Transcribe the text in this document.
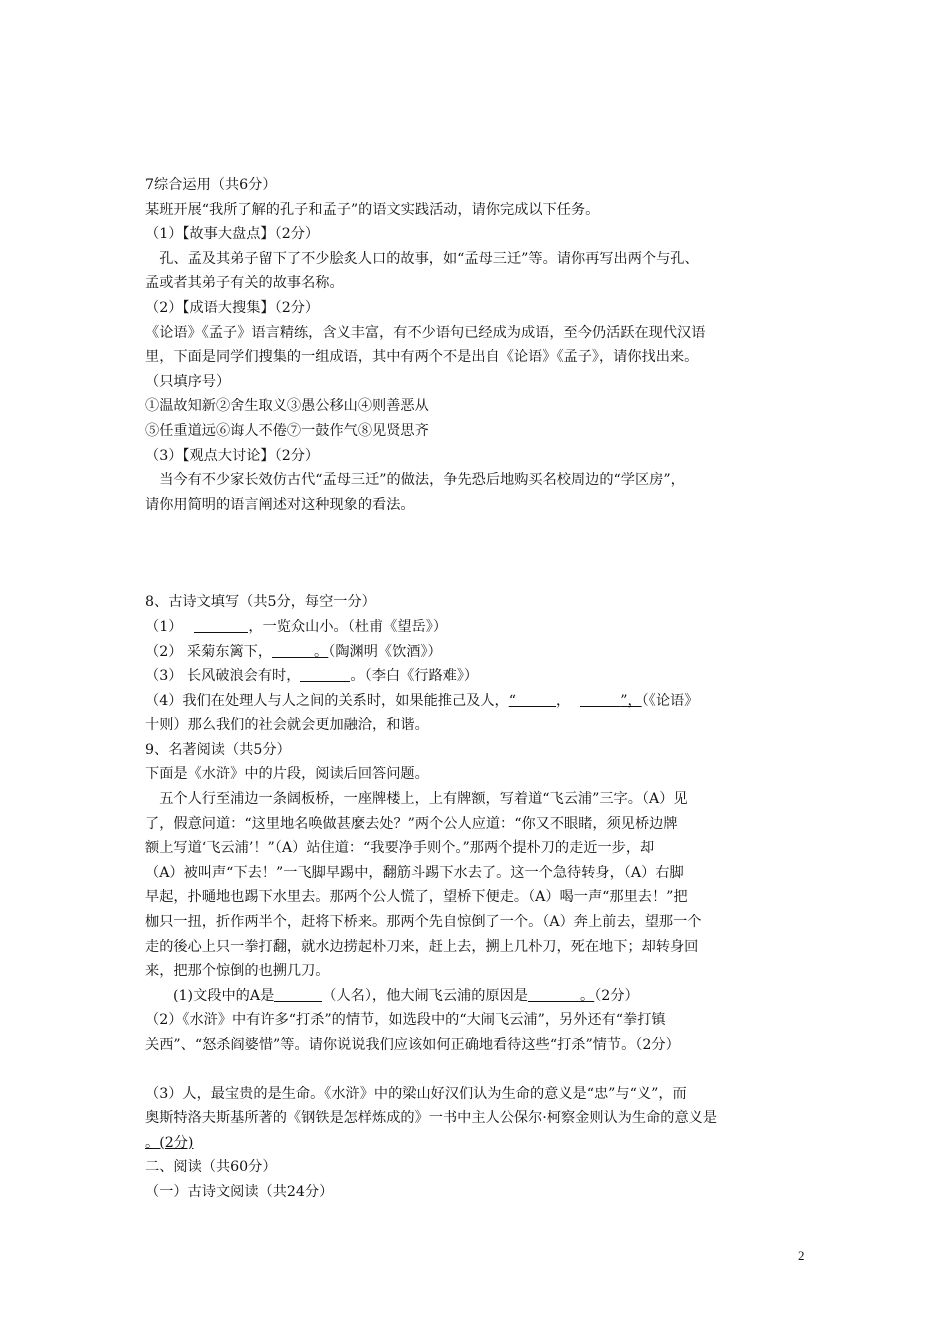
7综合运用（共6分）
某班开展“我所了解的孔子和孟子”的语文实践活动，请你完成以下任务。
（1）【故事大盘点】（2分）
　孔、孟及其弟子留下了不少脍炙人口的故事，如“孟母三迁”等。请你再写出两个与孔、
孟或者其弟子有关的故事名称。
（2）【成语大搜集】（2分）
《论语》《孟子》语言精练，含义丰富，有不少语句已经成为成语，至今仍活跃在现代汉语
里，下面是同学们搜集的一组成语，其中有两个不是出自《论语》《孟子》，请你找出来。
（只填序号）
①温故知新②舍生取义③愚公移山④则善恶从
⑤任重道远⑥诲人不倦⑦一鼓作气⑧见贤思齐
（3）【观点大讨论】（2分）
　当今有不少家长效仿古代“孟母三迁”的做法，争先恐后地购买名校周边的“学区房”，
请你用简明的语言阐述对这种现象的看法。
8、古诗文填写（共5分，每空一分）
（1）	，一览众山小。（杜甫《望岳》）
（2） 采菊东篱下，	。（陶渊明《饮酒》）
（3） 长风破浪会有时，	。（李白《行路难》）
（4）我们在处理人与人之间的关系时，如果能推己及人，“	，	”，（《论语》
十则）那么我们的社会就会更加融洽，和谐。
9、名著阅读（共5分）
下面是《水浒》中的片段，阅读后回答问题。
　五个人行至浦边一条阔板桥，一座牌楼上，上有牌额，写着道“飞云浦”三字。（A）见
了，假意问道：“这里地名唤做甚麼去处？”两个公人应道：“你又不眼睹，须见桥边牌
额上写道‘飞云浦’！”（A）站住道：“我要净手则个。”那两个提朴刀的走近一步，却
（A）被叫声“下去！”一飞脚早踢中，翻筋斗踢下水去了。这一个急待转身，（A）右脚
早起，扑嗵地也踢下水里去。那两个公人慌了，望桥下便走。（A）喝一声“那里去！”把
枷只一扭，折作两半个，赶将下桥来。那两个先自惊倒了一个。（A）奔上前去，望那一个
走的後心上只一拳打翻，就水边捞起朴刀来，赶上去，搠上几朴刀，死在地下；却转身回
来，把那个惊倒的也搠几刀。
(1)文段中的A是	（人名），他大闹飞云浦的原因是	。（2分）
（2）《水浒》中有许多“打杀”的情节，如选段中的“大闹飞云浦”，另外还有“拳打镇
关西”、“怒杀阎婆惜”等。请你说说我们应该如何正确地看待这些“打杀”情节。（2分）
（3）人，最宝贵的是生命。《水浒》中的梁山好汉们认为生命的意义是“忠”与“义”，而
奥斯特洛夫斯基所著的《钢铁是怎样炼成的》一书中主人公保尔·柯察金则认为生命的意义是
。(2分)
二、阅读（共60分）
（一）古诗文阅读（共24分）
2
